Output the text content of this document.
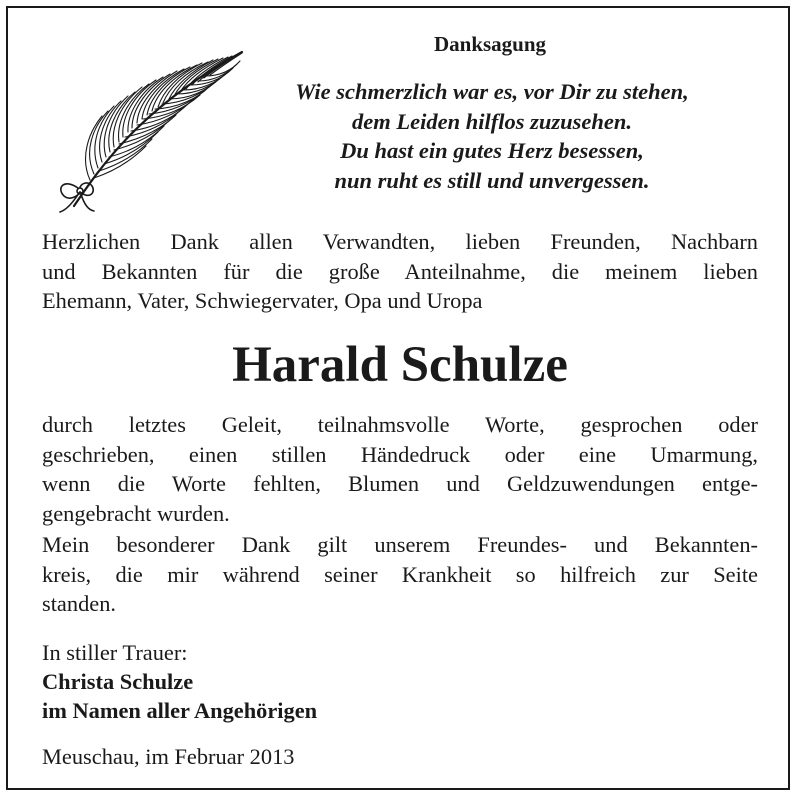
Danksagung
Wie schmerzlich war es, vor Dir zu stehen,
dem Leiden hilflos zuzusehen.
Du hast ein gutes Herz besessen,
nun ruht es still und unvergessen.
Herzlichen Dank allen Verwandten, lieben Freunden, Nachbarn
und Bekannten für die große Anteilnahme, die meinem lieben
Ehemann, Vater, Schwiegervater, Opa und Uropa
Harald Schulze
durch letztes Geleit, teilnahmsvolle Worte, gesprochen oder
geschrieben, einen stillen Händedruck oder eine Umarmung,
wenn die Worte fehlten, Blumen und Geldzuwendungen entge-
gengebracht wurden.
Mein besonderer Dank gilt unserem Freundes- und Bekannten-
kreis, die mir während seiner Krankheit so hilfreich zur Seite
standen.
In stiller Trauer:
Christa Schulze
im Namen aller Angehörigen
Meuschau, im Februar 2013
